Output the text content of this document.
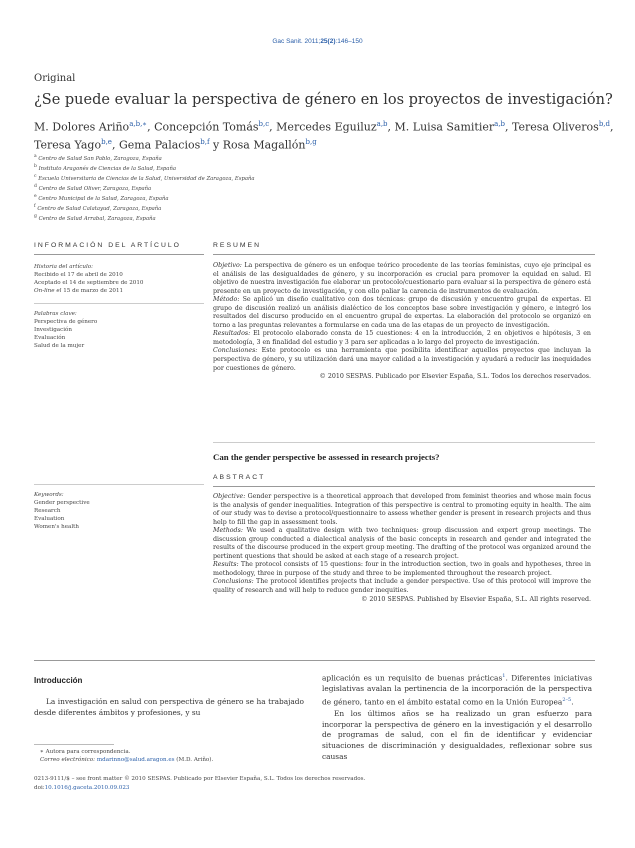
Gac Sanit. 2011;25(2):146–150
Original
¿Se puede evaluar la perspectiva de género en los proyectos de investigación?
M. Dolores Ariño$^{a,b,∗}$, Concepción Tomás$^{b,c}$, Mercedes Eguiluz$^{a,b}$, M. Luisa Samitier$^{a,b}$, Teresa Oliveros$^{b,d}$, Teresa Yago$^{b,e}$, Gema Palacios$^{b,f}$ y Rosa Magallón$^{b,g}$
$^a$ Centro de Salud San Pablo, Zaragoza, España
$^b$ Instituto Aragonés de Ciencias de la Salud, España
$^c$ Escuela Universitaria de Ciencias de la Salud, Universidad de Zaragoza, España
$^d$ Centro de Salud Oliver, Zaragoza, España
$^e$ Centro Municipal de la Salud, Zaragoza, España
$^f$ Centro de Salud Calatayud, Zaragoza, España
$^g$ Centro de Salud Arrabal, Zaragoza, España
INFORMACIÓN DEL ARTÍCULO
Historia del artículo:
Recibido el 17 de abril de 2010
Aceptado el 14 de septiembre de 2010
On-line el 15 de marzo de 2011
Palabras clave:
Perspectiva de género
Investigación
Evaluación
Salud de la mujer
Keywords:
Gender perspective
Research
Evaluation
Women's health
RESUMEN
Objetivo: La perspectiva de género es un enfoque teórico procedente de las teorías feministas, cuyo eje principal es el análisis de las desigualdades de género, y su incorporación es crucial para promover la equidad en salud. El objetivo de nuestra investigación fue elaborar un protocolo/cuestionario para evaluar si la perspectiva de género está presente en un proyecto de investigación, y con ello paliar la carencia de instrumentos de evaluación.
Método: Se aplicó un diseño cualitativo con dos técnicas: grupo de discusión y encuentro grupal de expertas. El grupo de discusión realizó un análisis dialéctico de los conceptos base sobre investigación y género, e integró los resultados del discurso producido en el encuentro grupal de expertas. La elaboración del protocolo se organizó en torno a las preguntas relevantes a formularse en cada una de las etapas de un proyecto de investigación.
Resultados: El protocolo elaborado consta de 15 cuestiones: 4 en la introducción, 2 en objetivos e hipótesis, 3 en metodología, 3 en finalidad del estudio y 3 para ser aplicadas a lo largo del proyecto de investigación.
Conclusiones: Este protocolo es una herramienta que posibilita identificar aquellos proyectos que incluyan la perspectiva de género, y su utilización dará una mayor calidad a la investigación y ayudará a reducir las inequidades por cuestiones de género.
© 2010 SESPAS. Publicado por Elsevier España, S.L. Todos los derechos reservados.
Can the gender perspective be assessed in research projects?
ABSTRACT
Objective: Gender perspective is a theoretical approach that developed from feminist theories and whose main focus is the analysis of gender inequalities. Integration of this perspective is central to promoting equity in health. The aim of our study was to devise a protocol/questionnaire to assess whether gender is present in research projects and thus help to fill the gap in assessment tools.
Methods: We used a qualitative design with two techniques: group discussion and expert group meetings. The discussion group conducted a dialectical analysis of the basic concepts in research and gender and integrated the results of the discourse produced in the expert group meeting. The drafting of the protocol was organized around the pertinent questions that should be asked at each stage of a research project.
Results: The protocol consists of 15 questions: four in the introduction section, two in goals and hypotheses, three in methodology, three in purpose of the study and three to be implemented throughout the research project.
Conclusions: The protocol identifies projects that include a gender perspective. Use of this protocol will improve the quality of research and will help to reduce gender inequities.
© 2010 SESPAS. Published by Elsevier España, S.L. All rights reserved.
Introducción
La investigación en salud con perspectiva de género se ha trabajado desde diferentes ámbitos y profesiones, y su
aplicación es un requisito de buenas prácticas$^1$. Diferentes iniciativas legislativas avalan la pertinencia de la incorporación de la perspectiva de género, tanto en el ámbito estatal como en la Unión Europea$^{2-5}$.
En los últimos años se ha realizado un gran esfuerzo para incorporar la perspectiva de género en la investigación y el desarrollo de programas de salud, con el fin de identificar y evidenciar situaciones de discriminación y desigualdades, reflexionar sobre sus causas
∗ Autora para correspondencia.
Correo electrónico: mdarinno@salud.aragon.es (M.D. Ariño).
0213-9111/$ – see front matter © 2010 SESPAS. Publicado por Elsevier España, S.L. Todos los derechos reservados.
doi:10.1016/j.gaceta.2010.09.023
